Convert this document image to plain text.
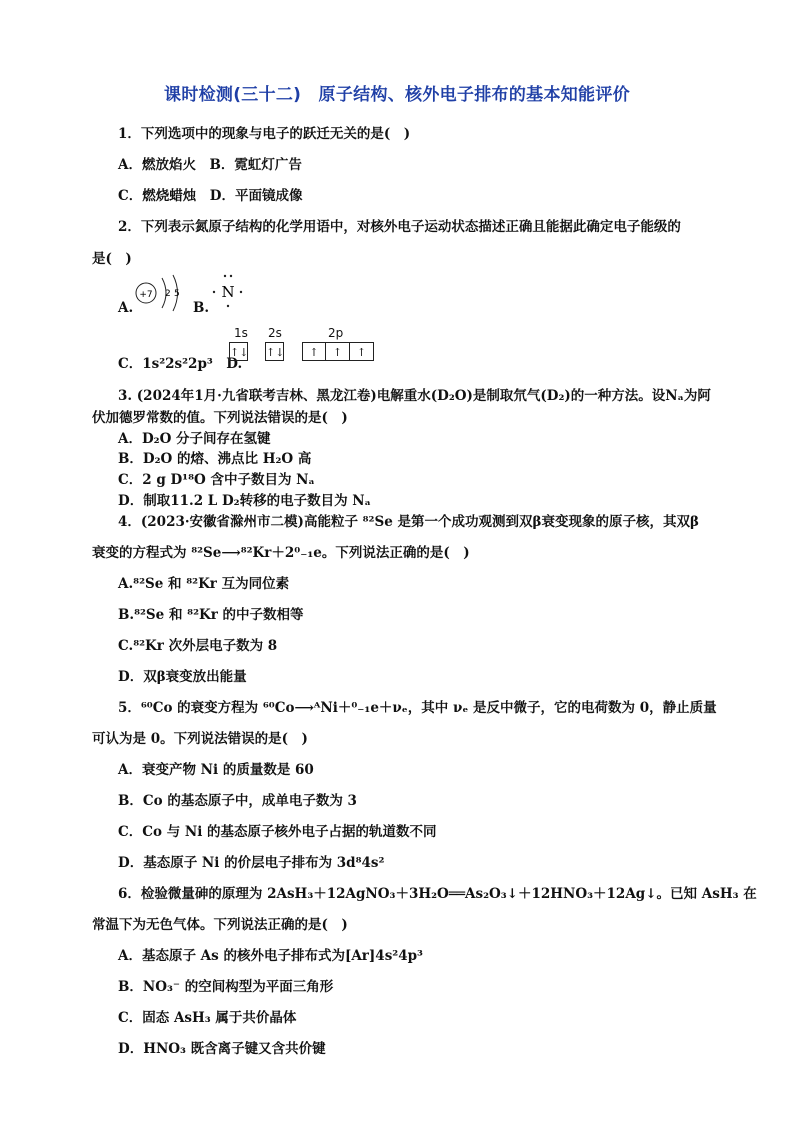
课时检测(三十二)　原子结构、核外电子排布的基本知能评价
1．下列选项中的现象与电子的跃迁无关的是(　)
A．燃放焰火　B．霓虹灯广告
C．燃烧蜡烛　D．平面镜成像
2．下列表示氮原子结构的化学用语中，对核外电子运动状态描述正确且能据此确定电子能级的
是(　)
A.
+7 2 5
B.
N
C．1s²2s²2p³　D.
1s 2s	2p
↑↓ ↑↓	↑	↑	↑
3. (2024年1月·九省联考吉林、黑龙江卷)电解重水(D₂O)是制取氘气(D₂)的一种方法。设Nₐ为阿
伏加德罗常数的值。下列说法错误的是(　)
A．D₂O 分子间存在氢键
B．D₂O 的熔、沸点比 H₂O 高
C．2 g D¹⁸O 含中子数目为 Nₐ
D．制取11.2 L D₂转移的电子数目为 Nₐ
4．(2023·安徽省滁州市二模)高能粒子 ⁸²Se 是第一个成功观测到双β衰变现象的原子核，其双β
衰变的方程式为 ⁸²Se⟶⁸²Kr＋2⁰₋₁e。下列说法正确的是(　)
A.⁸²Se 和 ⁸²Kr 互为同位素
B.⁸²Se 和 ⁸²Kr 的中子数相等
C.⁸²Kr 次外层电子数为 8
D．双β衰变放出能量
5．⁶⁰Co 的衰变方程为 ⁶⁰Co⟶ᴬNi＋⁰₋₁e＋νₑ，其中 νₑ 是反中微子，它的电荷数为 0，静止质量
可认为是 0。下列说法错误的是(　)
A．衰变产物 Ni 的质量数是 60
B．Co 的基态原子中，成单电子数为 3
C．Co 与 Ni 的基态原子核外电子占据的轨道数不同
D．基态原子 Ni 的价层电子排布为 3d⁸4s²
6．检验微量砷的原理为 2AsH₃＋12AgNO₃＋3H₂O══As₂O₃↓＋12HNO₃＋12Ag↓。已知 AsH₃ 在
常温下为无色气体。下列说法正确的是(　)
A．基态原子 As 的核外电子排布式为[Ar]4s²4p³
B．NO₃⁻ 的空间构型为平面三角形
C．固态 AsH₃ 属于共价晶体
D．HNO₃ 既含离子键又含共价键
